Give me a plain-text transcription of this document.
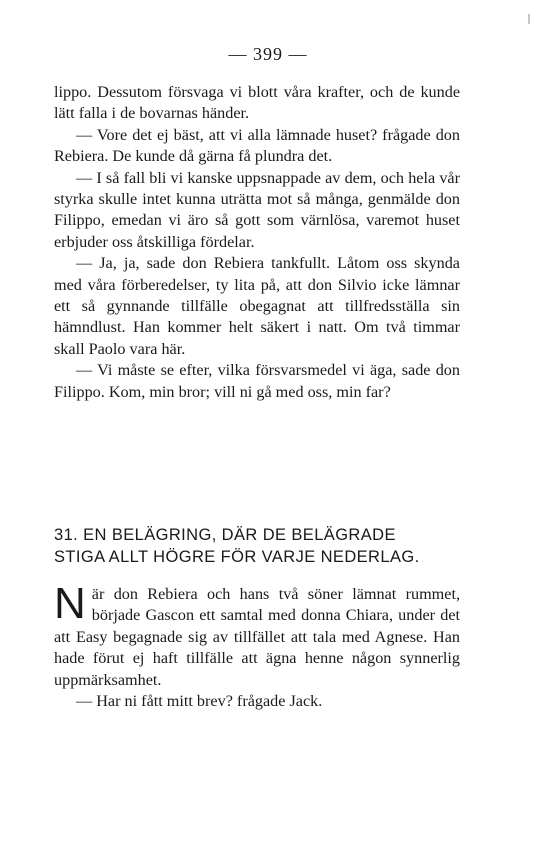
— 399 —

lippo. Dessutom försvaga vi blott våra krafter, och de kunde lätt falla i de bovarnas händer.

— Vore det ej bäst, att vi alla lämnade huset? frågade don Rebiera. De kunde då gärna få plundra det.

— I så fall bli vi kanske uppsnappade av dem, och hela vår styrka skulle intet kunna uträtta mot så många, genmälde don Filippo, emedan vi äro så gott som värnlösa, varemot huset erbjuder oss åtskilliga fördelar.

— Ja, ja, sade don Rebiera tankfullt. Låtom oss skynda med våra förberedelser, ty lita på, att don Silvio icke lämnar ett så gynnande tillfälle obegagnat att tillfredsställa sin hämndlust. Han kommer helt säkert i natt. Om två timmar skall Paolo vara här.

— Vi måste se efter, vilka försvarsmedel vi äga, sade don Filippo. Kom, min bror; vill ni gå med oss, min far?

31. EN BELÄGRING, DÄR DE BELÄGRADE
STIGA ALLT HÖGRE FÖR VARJE NEDERLAG.

När don Rebiera och hans två söner lämnat rummet, började Gascon ett samtal med donna Chiara, under det att Easy begagnade sig av tillfället att tala med Agnese. Han hade förut ej haft tillfälle att ägna henne någon synnerlig uppmärksamhet.

— Har ni fått mitt brev? frågade Jack.
